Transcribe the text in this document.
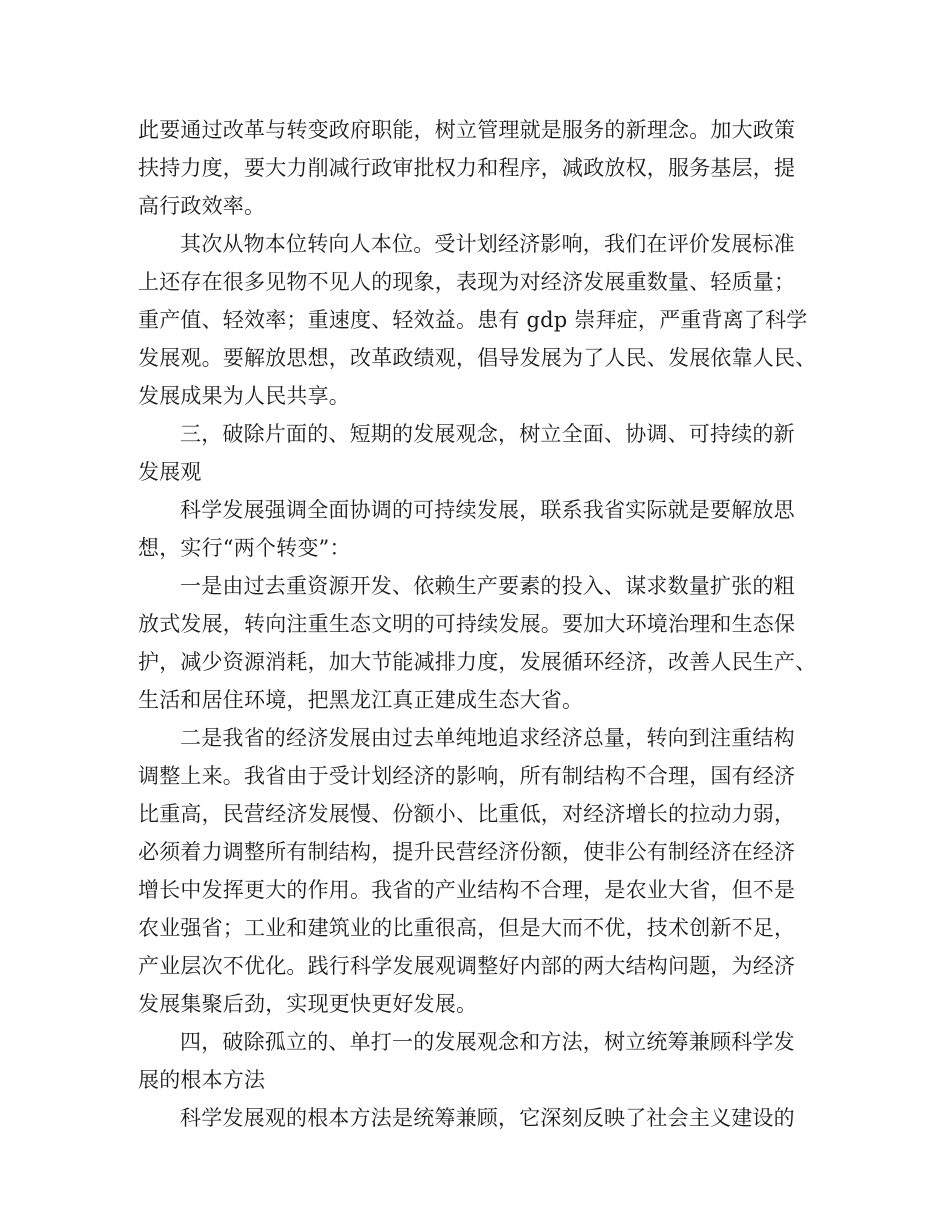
此要通过改革与转变政府职能，树立管理就是服务的新理念。加大政策
扶持力度，要大力削减行政审批权力和程序，减政放权，服务基层，提
高行政效率。
其次从物本位转向人本位。受计划经济影响，我们在评价发展标准
上还存在很多见物不见人的现象，表现为对经济发展重数量、轻质量；
重产值、轻效率；重速度、轻效益。患有 gdp 崇拜症，严重背离了科学
发展观。要解放思想，改革政绩观，倡导发展为了人民、发展依靠人民、
发展成果为人民共享。
三，破除片面的、短期的发展观念，树立全面、协调、可持续的新
发展观
科学发展强调全面协调的可持续发展，联系我省实际就是要解放思
想，实行“两个转变”：
一是由过去重资源开发、依赖生产要素的投入、谋求数量扩张的粗
放式发展，转向注重生态文明的可持续发展。要加大环境治理和生态保
护，减少资源消耗，加大节能减排力度，发展循环经济，改善人民生产、
生活和居住环境，把黑龙江真正建成生态大省。
二是我省的经济发展由过去单纯地追求经济总量，转向到注重结构
调整上来。我省由于受计划经济的影响，所有制结构不合理，国有经济
比重高，民营经济发展慢、份额小、比重低，对经济增长的拉动力弱，
必须着力调整所有制结构，提升民营经济份额，使非公有制经济在经济
增长中发挥更大的作用。我省的产业结构不合理，是农业大省，但不是
农业强省；工业和建筑业的比重很高，但是大而不优，技术创新不足，
产业层次不优化。践行科学发展观调整好内部的两大结构问题，为经济
发展集聚后劲，实现更快更好发展。
四，破除孤立的、单打一的发展观念和方法，树立统筹兼顾科学发
展的根本方法
科学发展观的根本方法是统筹兼顾，它深刻反映了社会主义建设的
